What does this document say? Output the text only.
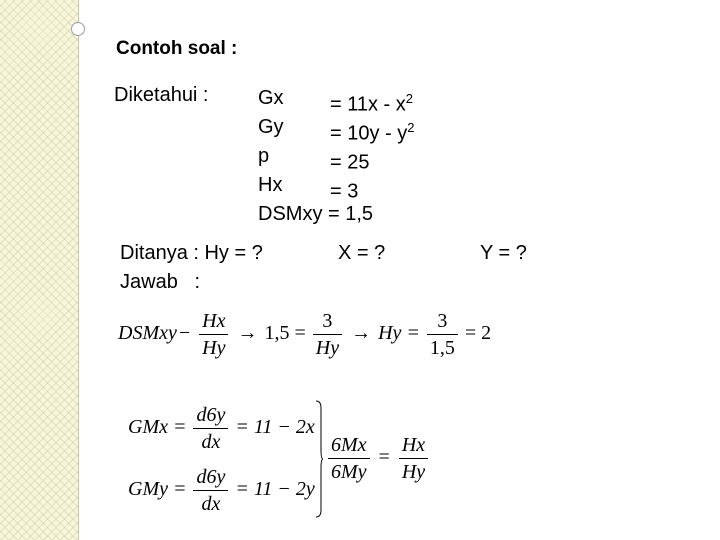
Contoh soal :
Diketahui : Gx
Gy
p
Hx
= $11x - x^2$
= $10y - y^2$
= 25
= 3
DSMxy = 1,5
Ditanya : Hy = ?	X = ?	Y = ?
Jawab   :
DSMxy − $\frac{Hx}{Hy} \to 1,5 = \frac{3}{Hy} \to Hy = \frac{3}{1,5} = 2$
GMx = $\frac{d6y}{dx} = 11 - 2x$
GMy = $\frac{d6y}{dx} = 11 - 2y$
$\frac{6Mx}{6My} = \frac{Hx}{Hy}$
